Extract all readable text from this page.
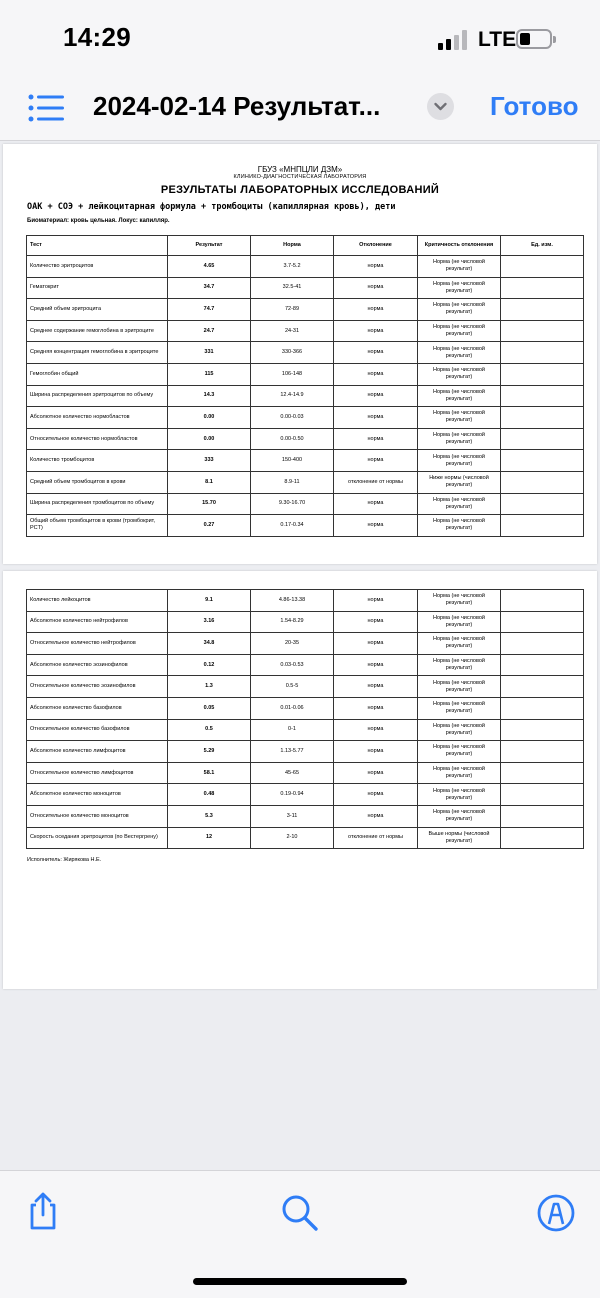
14:29	LTE
2024-02-14 Результат...	Готово
ГБУЗ «МНПЦЛИ ДЗМ»
КЛИНИКО-ДИАГНОСТИЧЕСКАЯ ЛАБОРАТОРИЯ
РЕЗУЛЬТАТЫ ЛАБОРАТОРНЫХ ИССЛЕДОВАНИЙ
ОАК + СОЭ + лейкоцитарная формула + тромбоциты (капиллярная кровь), дети
Биоматериал: кровь цельная. Локус: капилляр.
Тест	Результат	Норма	Отклонение	Критичность отклонения	Ед. изм.
Количество эритроцитов	4.65	3.7-5.2	норма	Норма (не числовой результат)	
Гематокрит	34.7	32.5-41	норма	Норма (не числовой результат)	
Средний объем эритроцита	74.7	72-89	норма	Норма (не числовой результат)	
Среднее содержание гемоглобина в эритроците	24.7	24-31	норма	Норма (не числовой результат)	
Средняя концентрация гемоглобина в эритроците	331	330-366	норма	Норма (не числовой результат)	
Гемоглобин общий	115	106-148	норма	Норма (не числовой результат)	
Ширина распределения эритроцитов по объему	14.3	12.4-14.9	норма	Норма (не числовой результат)	
Абсолютное количество нормобластов	0.00	0.00-0.03	норма	Норма (не числовой результат)	
Относительное количество нормобластов	0.00	0.00-0.50	норма	Норма (не числовой результат)	
Количество тромбоцитов	333	150-400	норма	Норма (не числовой результат)	
Средний объем тромбоцитов в крови	8.1	8.9-11	отклонение от нормы	Ниже нормы (числовой результат)	
Ширина распределения тромбоцитов по объему	15.70	9.30-16.70	норма	Норма (не числовой результат)	
Общий объем тромбоцитов в крови (тромбокрит, PCT)	0.27	0.17-0.34	норма	Норма (не числовой результат)	
Количество лейкоцитов	9.1	4.86-13.38	норма	Норма (не числовой результат)	
Абсолютное количество нейтрофилов	3.16	1.54-8.29	норма	Норма (не числовой результат)	
Относительное количество нейтрофилов	34.8	20-35	норма	Норма (не числовой результат)	
Абсолютное количество эозинофилов	0.12	0.03-0.53	норма	Норма (не числовой результат)	
Относительное количество эозинофилов	1.3	0.5-5	норма	Норма (не числовой результат)	
Абсолютное количество базофилов	0.05	0.01-0.06	норма	Норма (не числовой результат)	
Относительное количество базофилов	0.5	0-1	норма	Норма (не числовой результат)	
Абсолютное количество лимфоцитов	5.29	1.13-5.77	норма	Норма (не числовой результат)	
Относительное количество лимфоцитов	58.1	45-65	норма	Норма (не числовой результат)	
Абсолютное количество моноцитов	0.48	0.19-0.94	норма	Норма (не числовой результат)	
Относительное количество моноцитов	5.3	3-11	норма	Норма (не числовой результат)	
Скорость оседания эритроцитов (по Вестергрену)	12	2-10	отклонение от нормы	Выше нормы (числовой результат)	
Исполнитель: Жирякова Н.Е.
